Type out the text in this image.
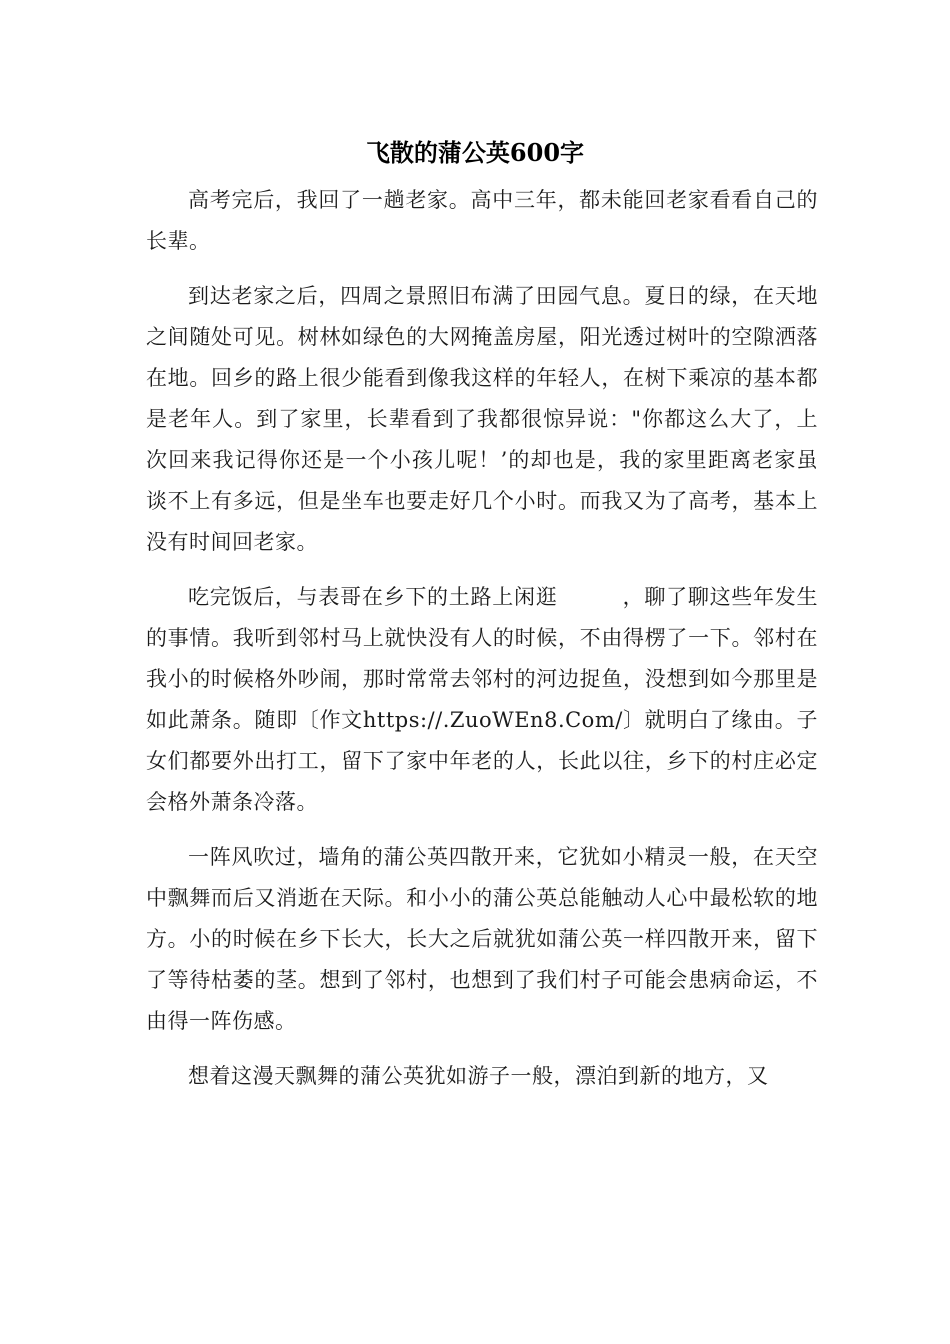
飞散的蒲公英600字

高考完后，我回了一趟老家。高中三年，都未能回老家看看自己的长辈。

到达老家之后，四周之景照旧布满了田园气息。夏日的绿，在天地之间随处可见。树林如绿色的大网掩盖房屋，阳光透过树叶的空隙洒落在地。回乡的路上很少能看到像我这样的年轻人，在树下乘凉的基本都是老年人。到了家里，长辈看到了我都很惊异说："你都这么大了，上次回来我记得你还是一个小孩儿呢！’的却也是，我的家里距离老家虽谈不上有多远，但是坐车也要走好几个小时。而我又为了高考，基本上没有时间回老家。

吃完饭后，与表哥在乡下的土路上闲逛　　　，聊了聊这些年发生的事情。我听到邻村马上就快没有人的时候，不由得楞了一下。邻村在我小的时候格外吵闹，那时常常去邻村的河边捉鱼，没想到如今那里是如此萧条。随即〔作文https://.ZuoWEn8.Com/〕就明白了缘由。子女们都要外出打工，留下了家中年老的人，长此以往，乡下的村庄必定会格外萧条冷落。

一阵风吹过，墙角的蒲公英四散开来，它犹如小精灵一般，在天空中飘舞而后又消逝在天际。和小小的蒲公英总能触动人心中最松软的地方。小的时候在乡下长大，长大之后就犹如蒲公英一样四散开来，留下了等待枯萎的茎。想到了邻村，也想到了我们村子可能会患病命运，不由得一阵伤感。

想着这漫天飘舞的蒲公英犹如游子一般，漂泊到新的地方，又
